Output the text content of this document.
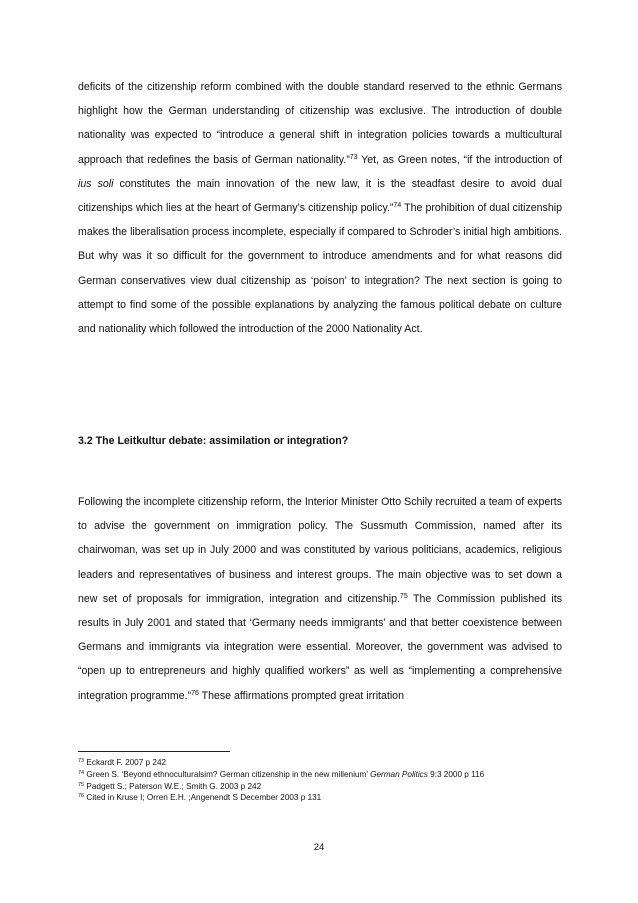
deficits of the citizenship reform combined with the double standard reserved to the ethnic Germans highlight how the German understanding of citizenship was exclusive. The introduction of double nationality was expected to “introduce a general shift in integration policies towards a multicultural approach that redefines the basis of German nationality.”$^{73}$ Yet, as Green notes, “if the introduction of ius soli constitutes the main innovation of the new law, it is the steadfast desire to avoid dual citizenships which lies at the heart of Germany’s citizenship policy.”$^{74}$ The prohibition of dual citizenship makes the liberalisation process incomplete, especially if compared to Schroder’s initial high ambitions. But why was it so difficult for the government to introduce amendments and for what reasons did German conservatives view dual citizenship as ‘poison’ to integration? The next section is going to attempt to find some of the possible explanations by analyzing the famous political debate on culture and nationality which followed the introduction of the 2000 Nationality Act.

3.2 The Leitkultur debate: assimilation or integration?

Following the incomplete citizenship reform, the Interior Minister Otto Schily recruited a team of experts to advise the government on immigration policy. The Sussmuth Commission, named after its chairwoman, was set up in July 2000 and was constituted by various politicians, academics, religious leaders and representatives of business and interest groups. The main objective was to set down a new set of proposals for immigration, integration and citizenship.$^{75}$ The Commission published its results in July 2001 and stated that ‘Germany needs immigrants’ and that better coexistence between Germans and immigrants via integration were essential. Moreover, the government was advised to “open up to entrepreneurs and highly qualified workers” as well as “implementing a comprehensive integration programme.”$^{76}$ These affirmations prompted great irritation

$^{73}$ Eckardt F. 2007 p 242
$^{74}$ Green S. ‘Beyond ethnoculturalsim? German citizenship in the new millenium’ German Politics 9:3 2000 p 116
$^{75}$ Padgett S.; Paterson W.E.; Smith G. 2003 p 242
$^{76}$ Cited in Kruse I; Orren E.H. ;Angenendt S December 2003 p 131
24
